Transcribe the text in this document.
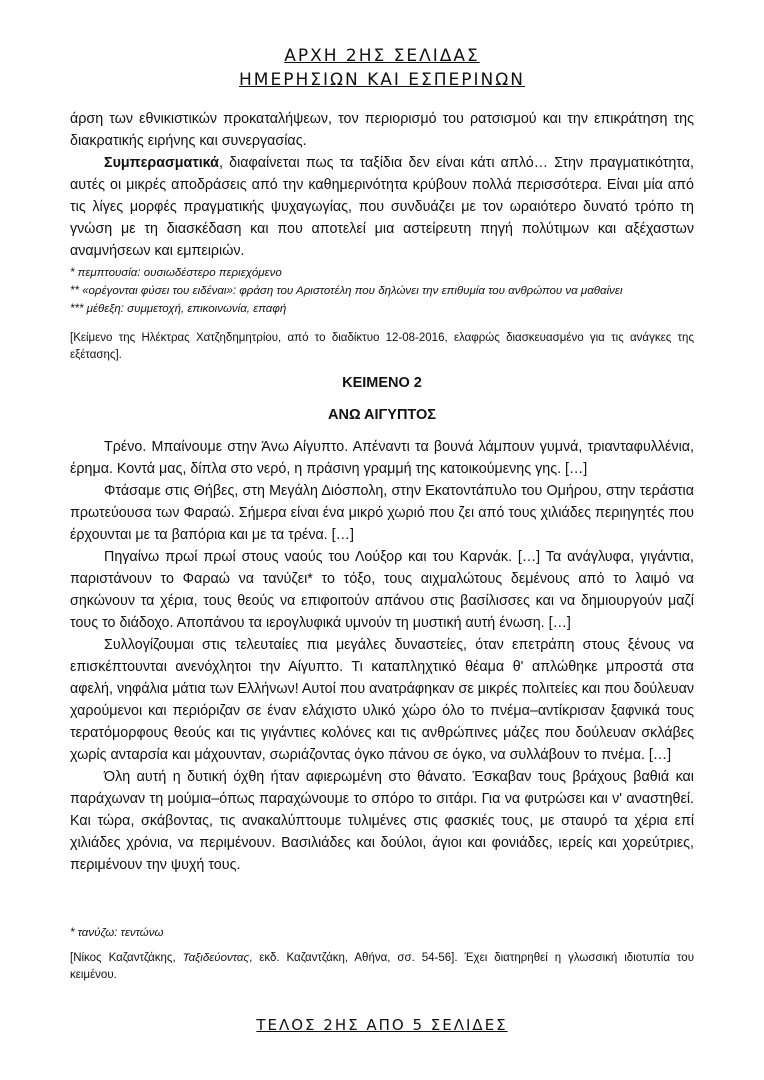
ΑΡΧΗ 2ΗΣ ΣΕΛΙΔΑΣ
ΗΜΕΡΗΣΙΩΝ ΚΑΙ ΕΣΠΕΡΙΝΩΝ

άρση των εθνικιστικών προκαταλήψεων, τον περιορισμό του ρατσισμού και την επικράτηση της διακρατικής ειρήνης και συνεργασίας.

Συμπερασματικά, διαφαίνεται πως τα ταξίδια δεν είναι κάτι απλό… Στην πραγματικότητα, αυτές οι μικρές αποδράσεις από την καθημερινότητα κρύβουν πολλά περισσότερα. Είναι μία από τις λίγες μορφές πραγματικής ψυχαγωγίας, που συνδυάζει με τον ωραιότερο δυνατό τρόπο τη γνώση με τη διασκέδαση και που αποτελεί μια αστείρευτη πηγή πολύτιμων και αξέχαστων αναμνήσεων και εμπειριών.

* πεμπτουσία: ουσιωδέστερο περιεχόμενο

** «ορέγονται φύσει του ειδέναι»: φράση του Αριστοτέλη που δηλώνει την επιθυμία του ανθρώπου να μαθαίνει

*** μέθεξη: συμμετοχή, επικοινωνία, επαφή

[Κείμενο της Ηλέκτρας Χατζηδημητρίου, από το διαδίκτυο 12-08-2016, ελαφρώς διασκευασμένο για τις ανάγκες της εξέτασης].

ΚΕΙΜΕΝΟ 2

ΑΝΩ ΑΙΓΥΠΤΟΣ

Τρένο. Μπαίνουμε στην Άνω Αίγυπτο. Απέναντι τα βουνά λάμπουν γυμνά, τριανταφυλλένια, έρημα. Κοντά μας, δίπλα στο νερό, η πράσινη γραμμή της κατοικούμενης γης. […]

Φτάσαμε στις Θήβες, στη Μεγάλη Διόσπολη, στην Εκατοντάπυλο του Ομήρου, στην τεράστια πρωτεύουσα των Φαραώ. Σήμερα είναι ένα μικρό χωριό που ζει από τους χιλιάδες περιηγητές που έρχουνται με τα βαπόρια και με τα τρένα. […]

Πηγαίνω πρωί πρωί στους ναούς του Λούξορ και του Καρνάκ. […] Τα ανάγλυφα, γιγάντια, παριστάνουν το Φαραώ να τανύζει* το τόξο, τους αιχμαλώτους δεμένους από το λαιμό να σηκώνουν τα χέρια, τους θεούς να επιφοιτούν απάνου στις βασίλισσες και να δημιουργούν μαζί τους το διάδοχο. Αποπάνου τα ιερογλυφικά υμνούν τη μυστική αυτή ένωση. […]

Συλλογίζουμαι στις τελευταίες πια μεγάλες δυναστείες, όταν επετράπη στους ξένους να επισκέπτουνται ανενόχλητοι την Αίγυπτο. Τι καταπληχτικό θέαμα θ' απλώθηκε μπροστά στα αφελή, νηφάλια μάτια των Ελλήνων! Αυτοί που ανατράφηκαν σε μικρές πολιτείες και που δούλευαν χαρούμενοι και περιόριζαν σε έναν ελάχιστο υλικό χώρο όλο το πνέμα–αντίκρισαν ξαφνικά τους τερατόμορφους θεούς και τις γιγάντιες κολόνες και τις ανθρώπινες μάζες που δούλευαν σκλάβες χωρίς ανταρσία και μάχουνταν, σωριάζοντας όγκο πάνου σε όγκο, να συλλάβουν το πνέμα. […]

Όλη αυτή η δυτική όχθη ήταν αφιερωμένη στο θάνατο. Έσκαβαν τους βράχους βαθιά και παράχωναν τη μούμια–όπως παραχώνουμε το σπόρο το σιτάρι. Για να φυτρώσει και ν' αναστηθεί. Και τώρα, σκάβοντας, τις ανακαλύπτουμε τυλιμένες στις φασκιές τους, με σταυρό τα χέρια επί χιλιάδες χρόνια, να περιμένουν. Βασιλιάδες και δούλοι, άγιοι και φονιάδες, ιερείς και χορεύτριες, περιμένουν την ψυχή τους.

* τανύζω: τεντώνω

[Νίκος Καζαντζάκης, Ταξιδεύοντας, εκδ. Καζαντζάκη, Αθήνα, σσ. 54-56]. Έχει διατηρηθεί η γλωσσική ιδιοτυπία του κειμένου.

ΤΕΛΟΣ 2ΗΣ ΑΠΟ 5 ΣΕΛΙΔΕΣ
